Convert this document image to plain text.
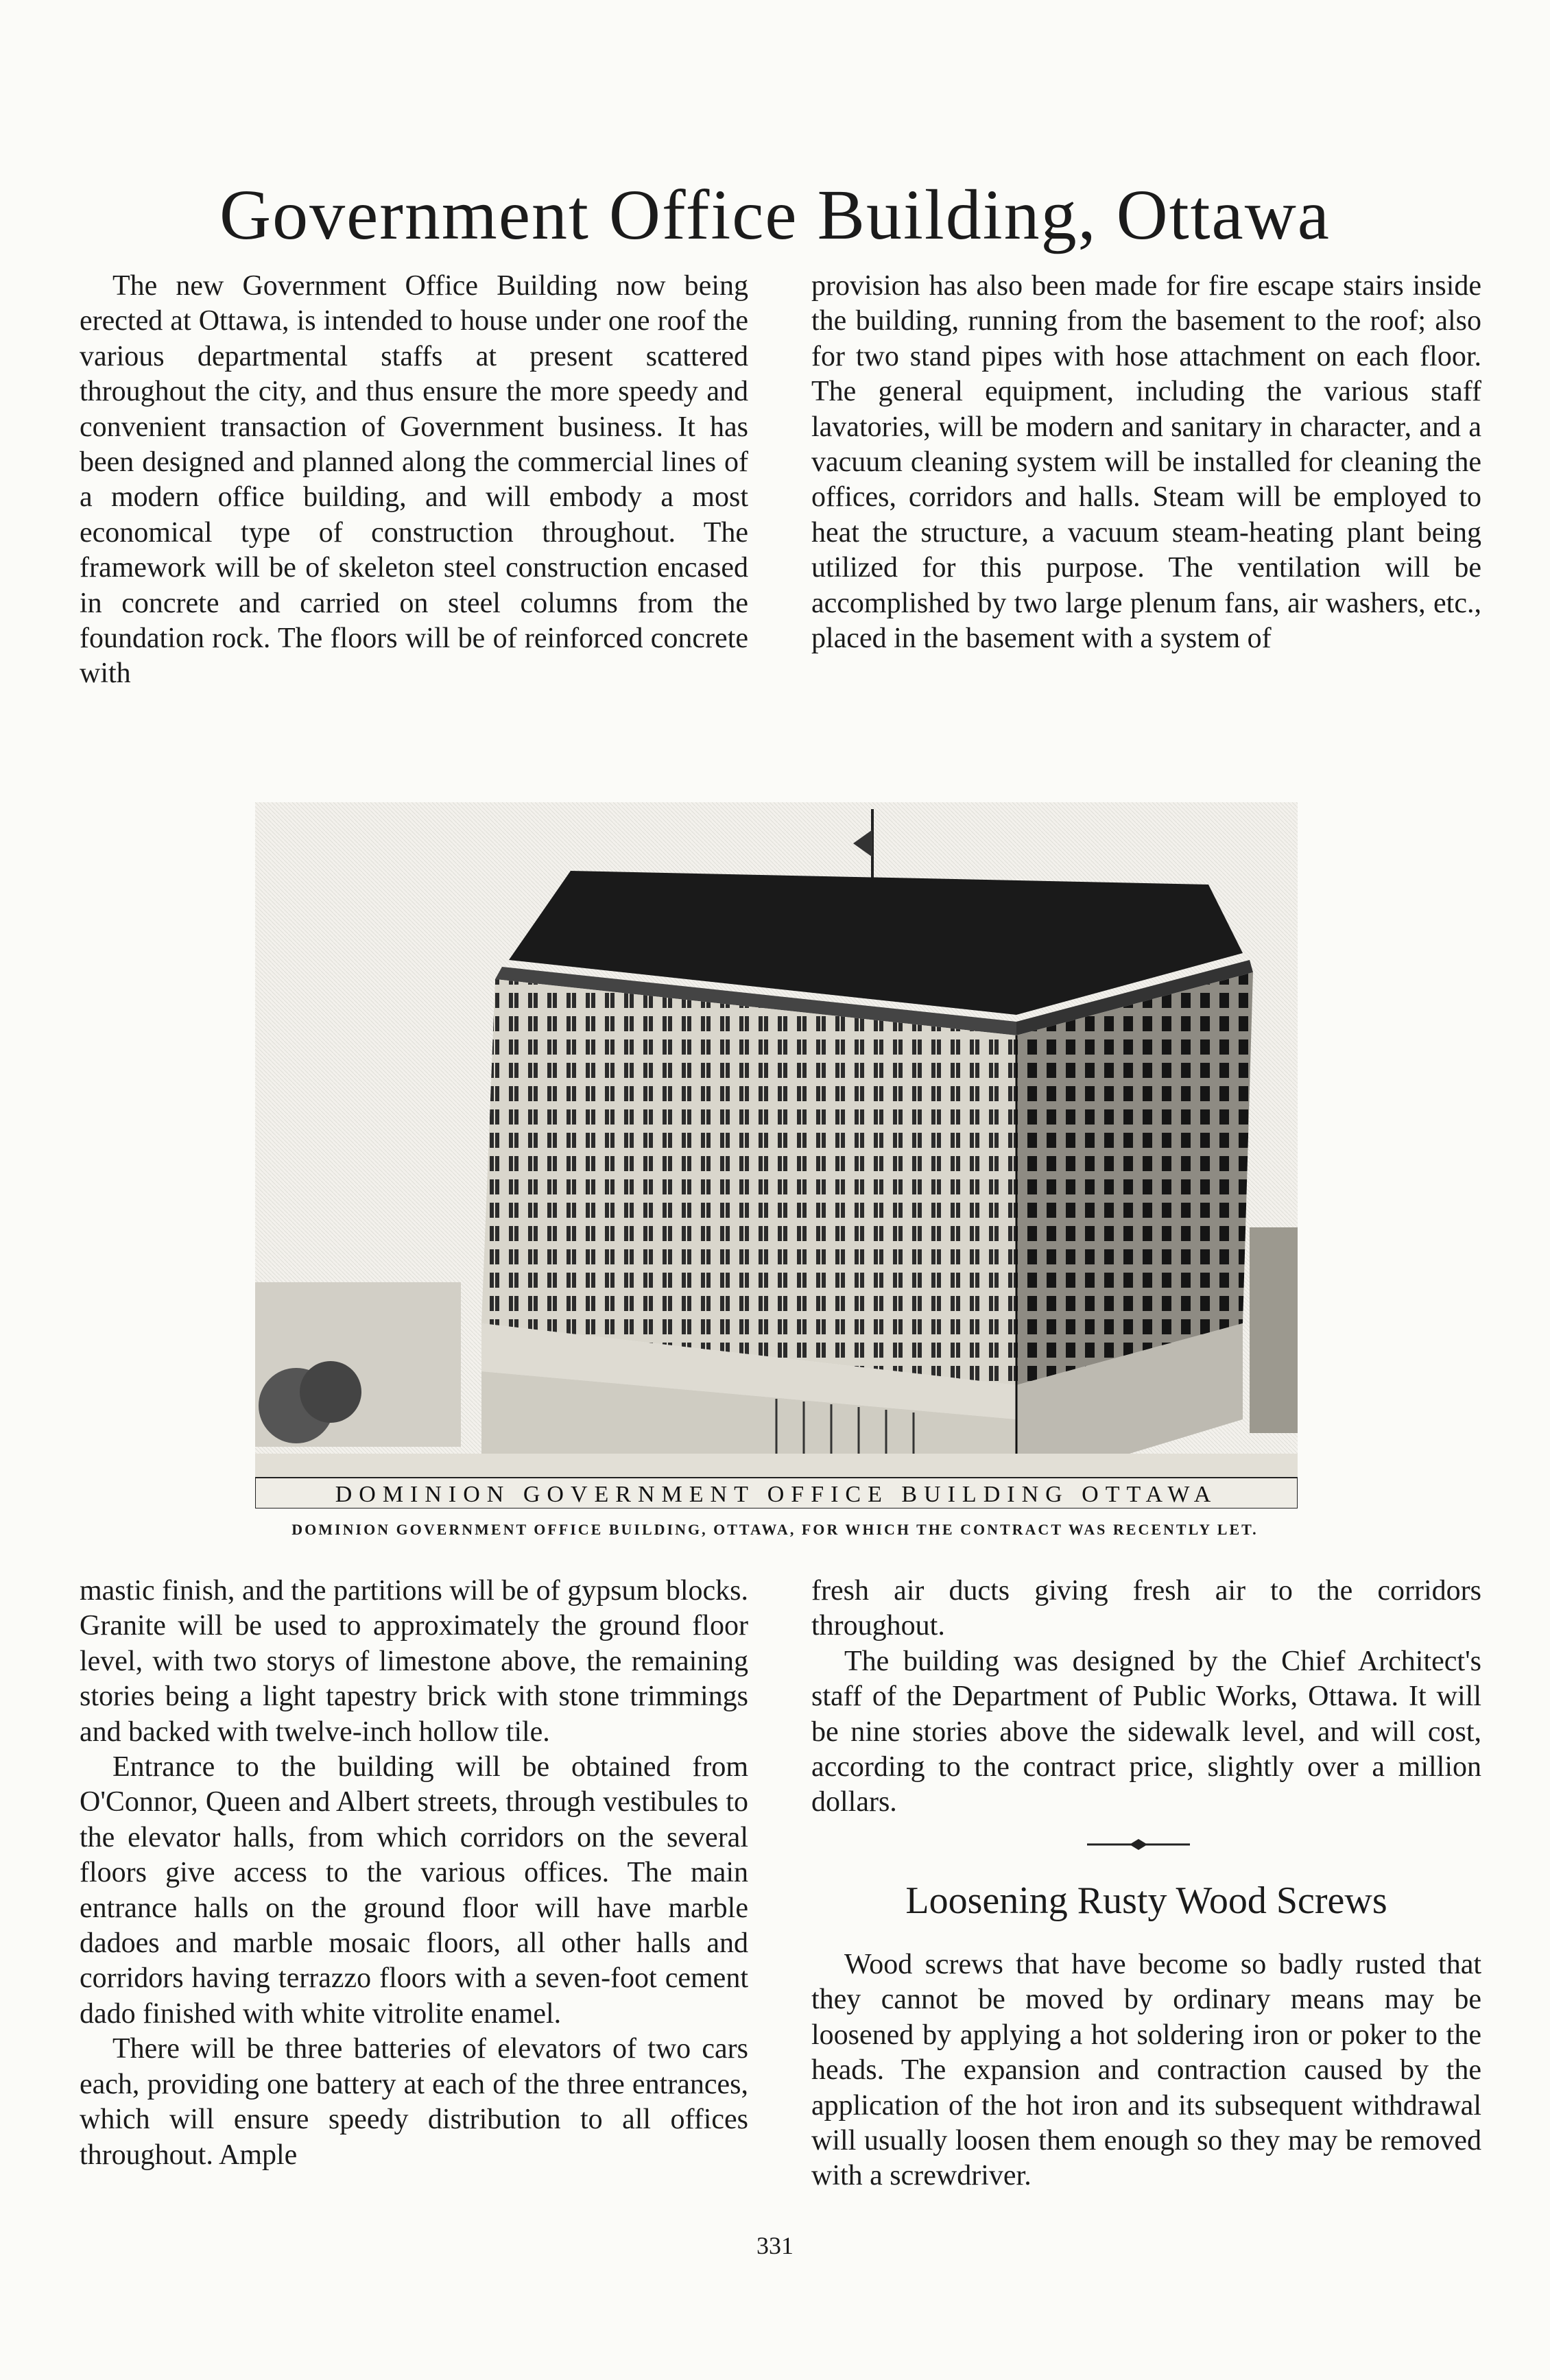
Government Office Building, Ottawa

The new Government Office Building now being erected at Ottawa, is intended to house under one roof the various departmental staffs at present scattered throughout the city, and thus ensure the more speedy and convenient transaction of Government business. It has been designed and planned along the commercial lines of a modern office building, and will embody a most economical type of construction throughout. The framework will be of skeleton steel construction encased in concrete and carried on steel columns from the foundation rock. The floors will be of reinforced concrete with

provision has also been made for fire escape stairs inside the building, running from the basement to the roof; also for two stand pipes with hose attachment on each floor. The general equipment, including the various staff lavatories, will be modern and sanitary in character, and a vacuum cleaning system will be installed for cleaning the offices, corridors and halls. Steam will be employed to heat the structure, a vacuum steam-heating plant being utilized for this purpose. The ventilation will be accomplished by two large plenum fans, air washers, etc., placed in the basement with a system of

DOMINION GOVERNMENT OFFICE BUILDING OTTAWA
DOMINION GOVERNMENT OFFICE BUILDING, OTTAWA, FOR WHICH THE CONTRACT WAS RECENTLY LET.

mastic finish, and the partitions will be of gypsum blocks. Granite will be used to approximately the ground floor level, with two storys of limestone above, the remaining stories being a light tapestry brick with stone trimmings and backed with twelve-inch hollow tile.

Entrance to the building will be obtained from O'Connor, Queen and Albert streets, through vestibules to the elevator halls, from which corridors on the several floors give access to the various offices. The main entrance halls on the ground floor will have marble dadoes and marble mosaic floors, all other halls and corridors having terrazzo floors with a seven-foot cement dado finished with white vitrolite enamel.

There will be three batteries of elevators of two cars each, providing one battery at each of the three entrances, which will ensure speedy distribution to all offices throughout. Ample

fresh air ducts giving fresh air to the corridors throughout.

The building was designed by the Chief Architect's staff of the Department of Public Works, Ottawa. It will be nine stories above the sidewalk level, and will cost, according to the contract price, slightly over a million dollars.

Loosening Rusty Wood Screws

Wood screws that have become so badly rusted that they cannot be moved by ordinary means may be loosened by applying a hot soldering iron or poker to the heads. The expansion and contraction caused by the application of the hot iron and its subsequent withdrawal will usually loosen them enough so they may be removed with a screwdriver.

331
